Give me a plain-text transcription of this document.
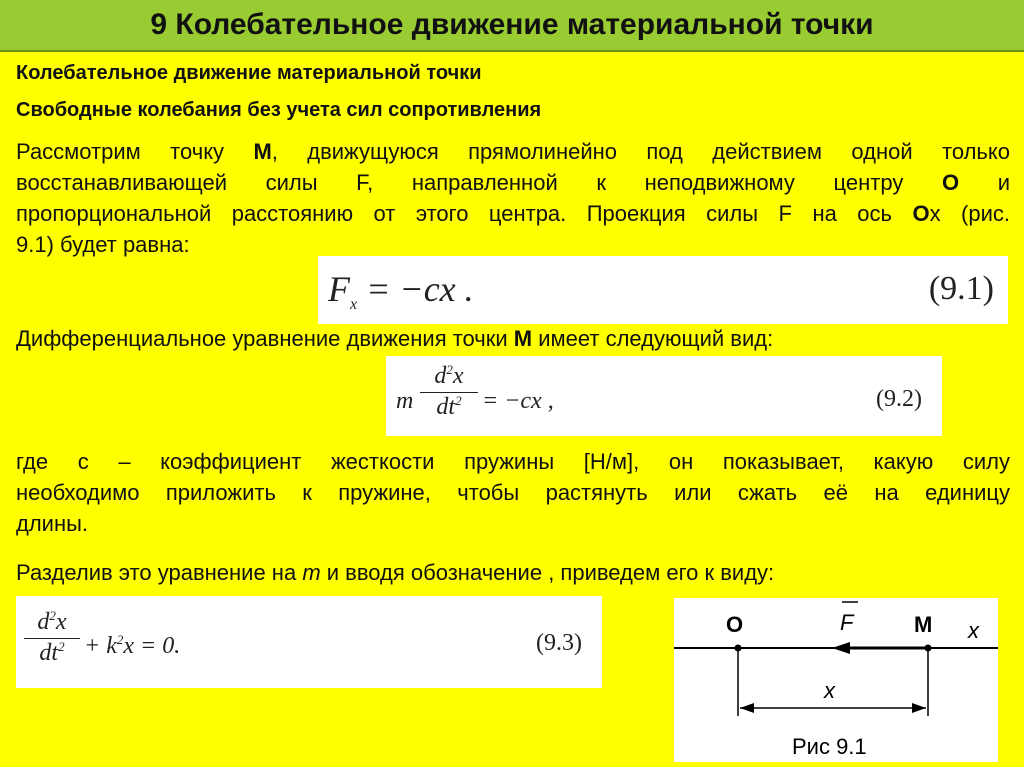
9 Колебательное движение материальной точки
Колебательное движение материальной точки
Свободные колебания без учета сил сопротивления
Рассмотрим точку М, движущуюся прямолинейно под действием одной только
восстанавливающей силы F, направленной к неподвижному центру О и
пропорциональной расстоянию от этого центра. Проекция силы F на ось Ох (рис.
9.1) будет равна:
$F_x = -cx$ .	(9.1)
Дифференциальное уравнение движения точки М имеет следующий вид:
m
$d^2x$
$dt^2 = -cx$ ,	(9.2)
где с – коэффициент жесткости пружины [Н/м], он показывает, какую силу
необходимо приложить к пружине, чтобы растянуть или сжать её на единицу
длины.
Разделив это уравнение на m и вводя обозначение , приведем его к виду:
$d^2x$
$dt^2 + k^2x = 0$.	(9.3)
O	F	M x
x
Рис 9.1
